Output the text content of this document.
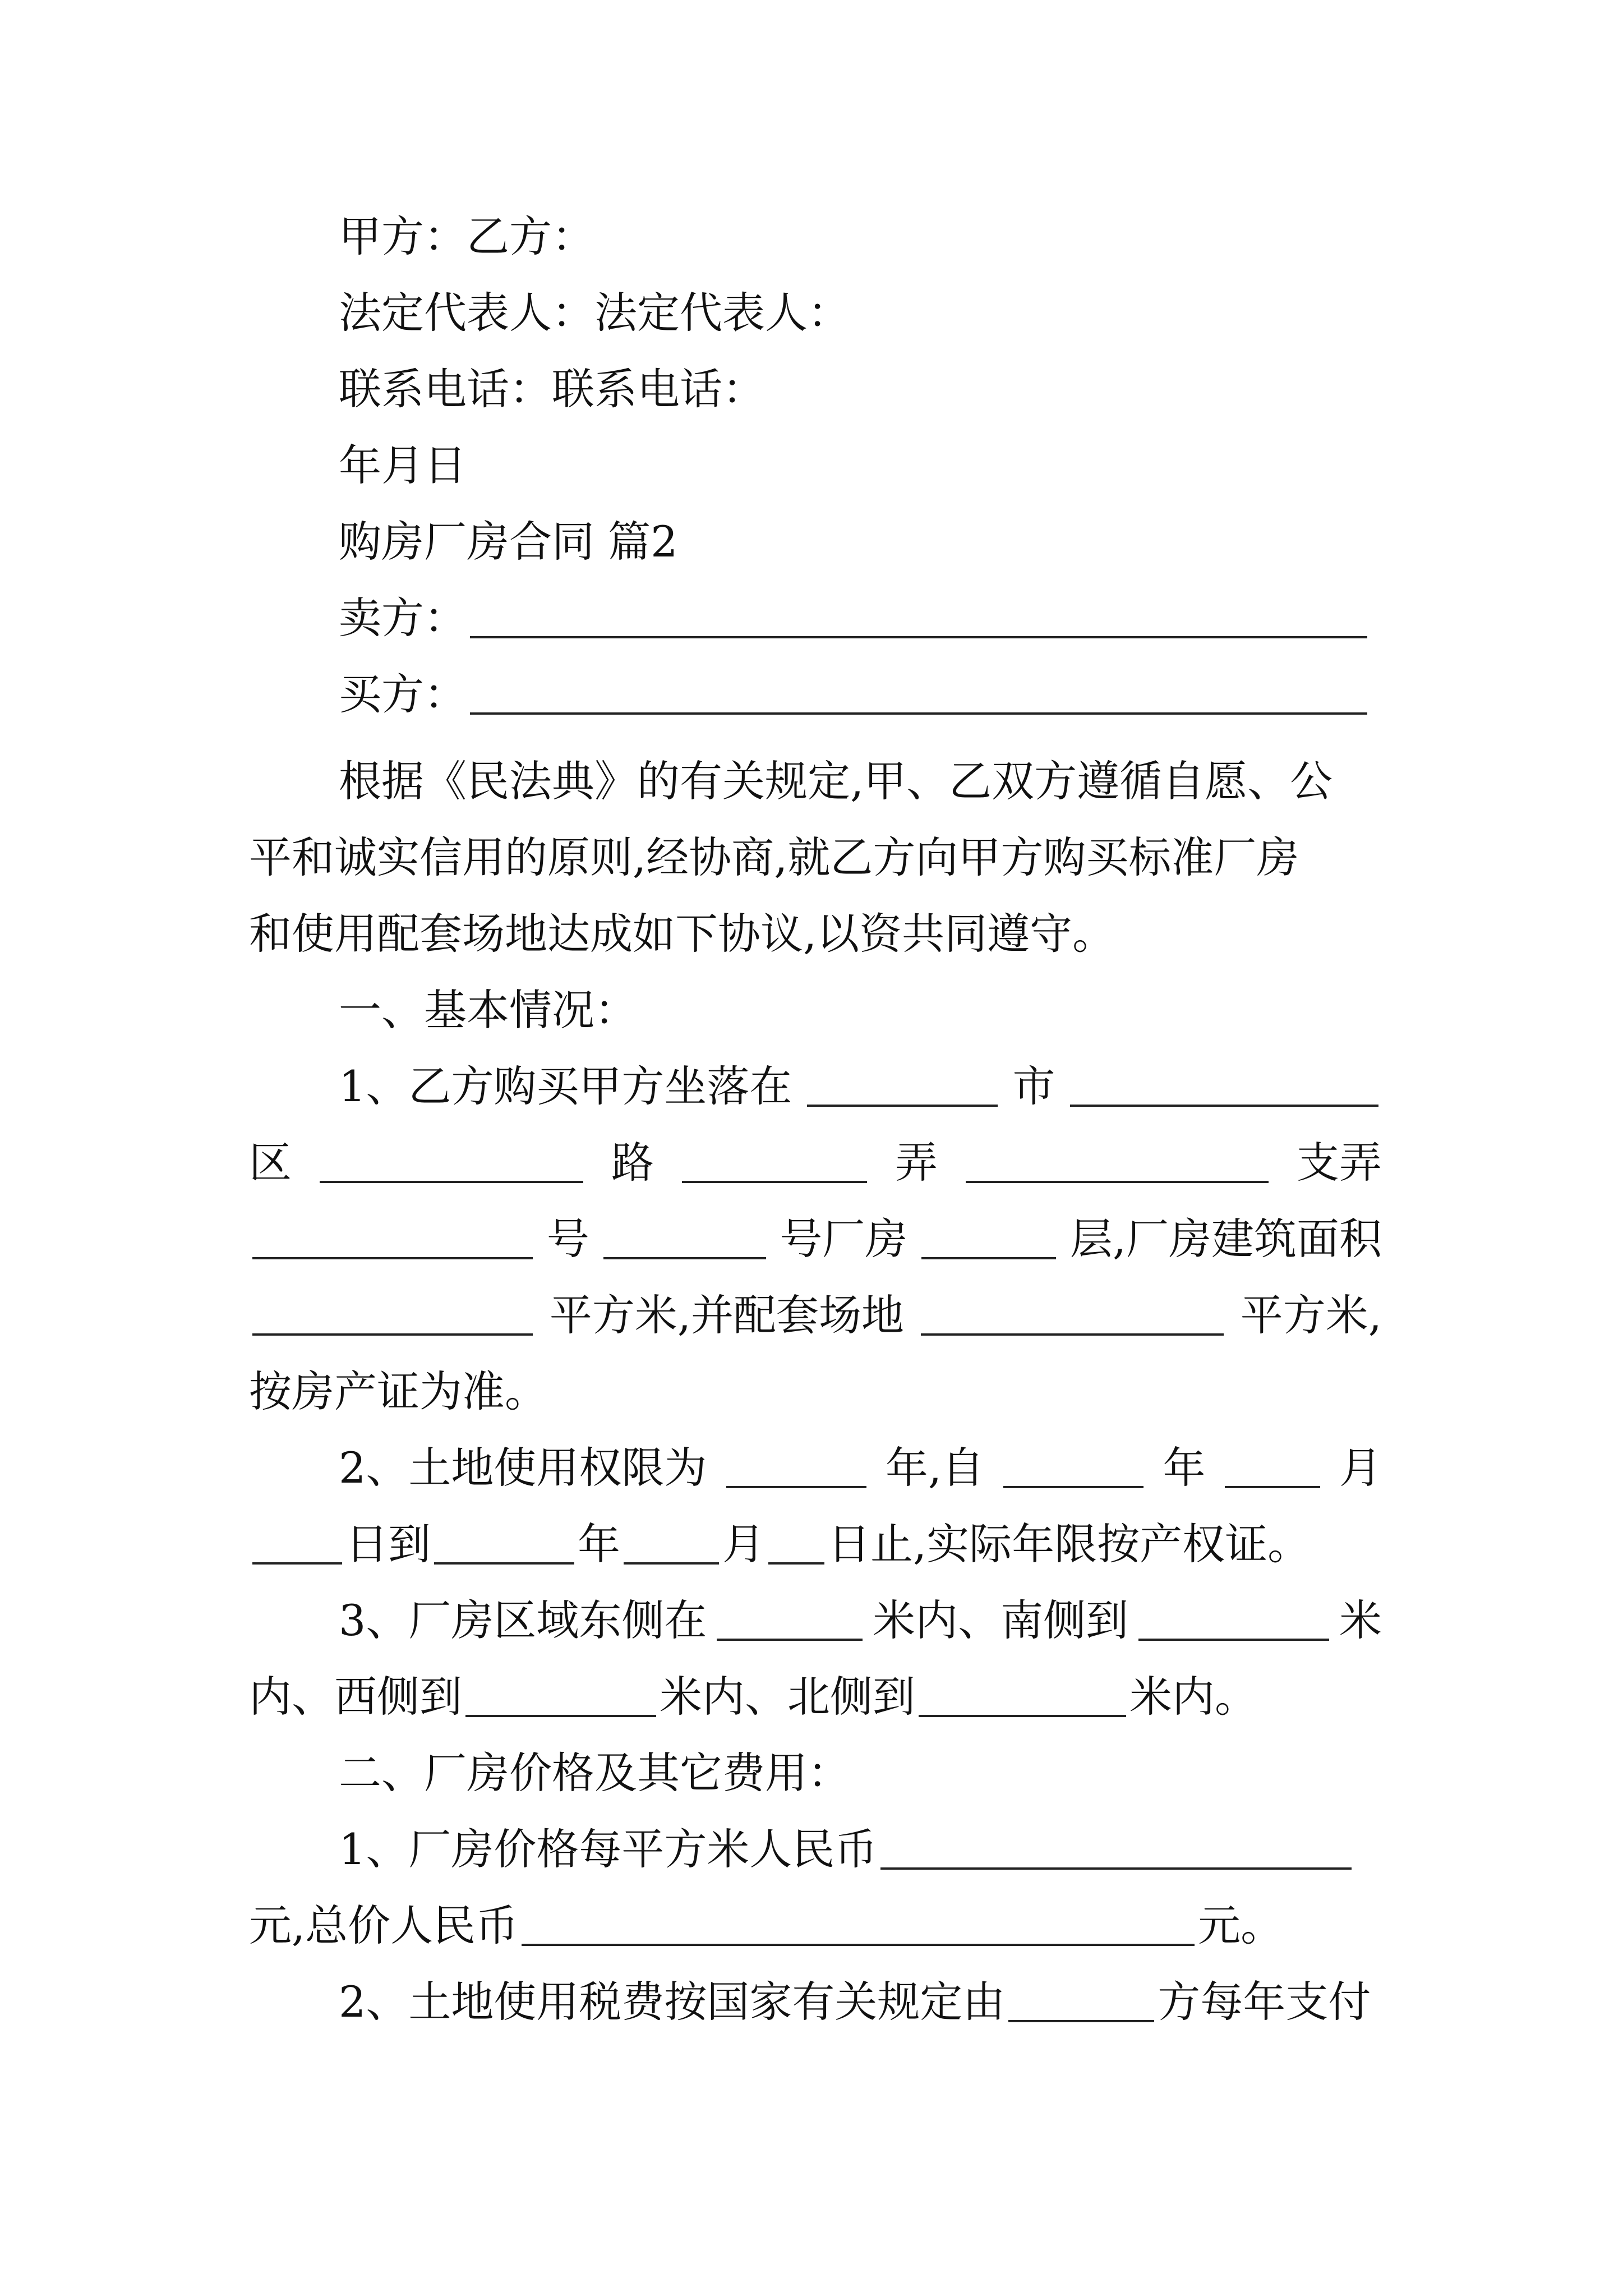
甲方：乙方：
法定代表人：法定代表人：
联系电话：联系电话：
年月日
购房厂房合同 篇2
卖方：
买方：
根据《民法典》的有关规定,甲、乙双方遵循自愿、公
平和诚实信用的原则,经协商,就乙方向甲方购买标准厂房
和使用配套场地达成如下协议,以资共同遵守。
一、基本情况：
1、乙方购买甲方坐落在	市
区	路	弄	支弄
号	号厂房	层,厂房建筑面积
平方米,并配套场地	平方米,
按房产证为准。
2、土地使用权限为	年,自	年	月
日到	年 月 日止,实际年限按产权证。
3、厂房区域东侧在	米内、南侧到	米
内、西侧到	米内、北侧到	米内。
二、厂房价格及其它费用：
1、厂房价格每平方米人民币
元,总价人民币	元。
2、土地使用税费按国家有关规定由	方每年支付
